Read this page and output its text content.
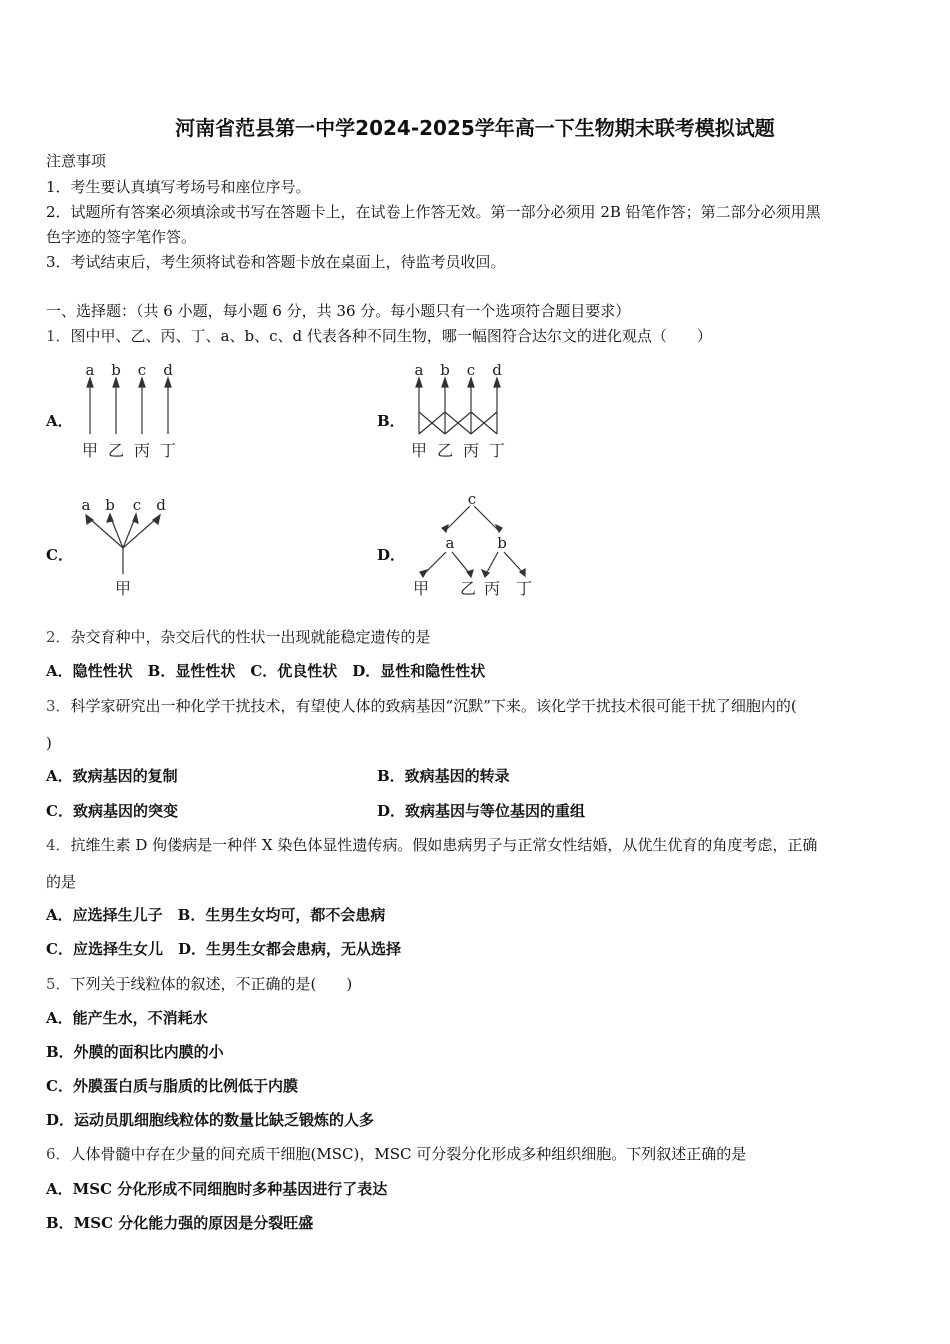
河南省范县第一中学2024-2025学年高一下生物期末联考模拟试题
注意事项
1．考生要认真填写考场号和座位序号。
2．试题所有答案必须填涂或书写在答题卡上，在试卷上作答无效。第一部分必须用 2B 铅笔作答；第二部分必须用黑
色字迹的签字笔作答。
3．考试结束后，考生须将试卷和答题卡放在桌面上，待监考员收回。
一、选择题：（共 6 小题，每小题 6 分，共 36 分。每小题只有一个选项符合题目要求）
1．图中甲、乙、丙、丁、a、b、c、d 代表各种不同生物，哪一幅图符合达尔文的进化观点（　　）
A．	B．
C．	D．
a b c d
甲 乙 丙 丁
a b c d
甲 乙 丙 丁
a b c d
甲
c
a	b
甲 乙 丙 丁
2．杂交育种中，杂交后代的性状一出现就能稳定遗传的是
A．隐性性状　B．显性性状　C．优良性状　D．显性和隐性性状
3．科学家研究出一种化学干扰技术，有望使人体的致病基因“沉默”下来。该化学干扰技术很可能干扰了细胞内的(
)
A．致病基因的复制	B．致病基因的转录
C．致病基因的突变	D．致病基因与等位基因的重组
4．抗维生素 D 佝偻病是一种伴 X 染色体显性遗传病。假如患病男子与正常女性结婚，从优生优育的角度考虑，正确
的是
A．应选择生儿子　B．生男生女均可，都不会患病
C．应选择生女儿　D．生男生女都会患病，无从选择
5．下列关于线粒体的叙述，不正确的是(　　)
A．能产生水，不消耗水
B．外膜的面积比内膜的小
C．外膜蛋白质与脂质的比例低于内膜
D．运动员肌细胞线粒体的数量比缺乏锻炼的人多
6．人体骨髓中存在少量的间充质干细胞(MSC)，MSC 可分裂分化形成多种组织细胞。下列叙述正确的是
A．MSC 分化形成不同细胞时多种基因进行了表达
B．MSC 分化能力强的原因是分裂旺盛
